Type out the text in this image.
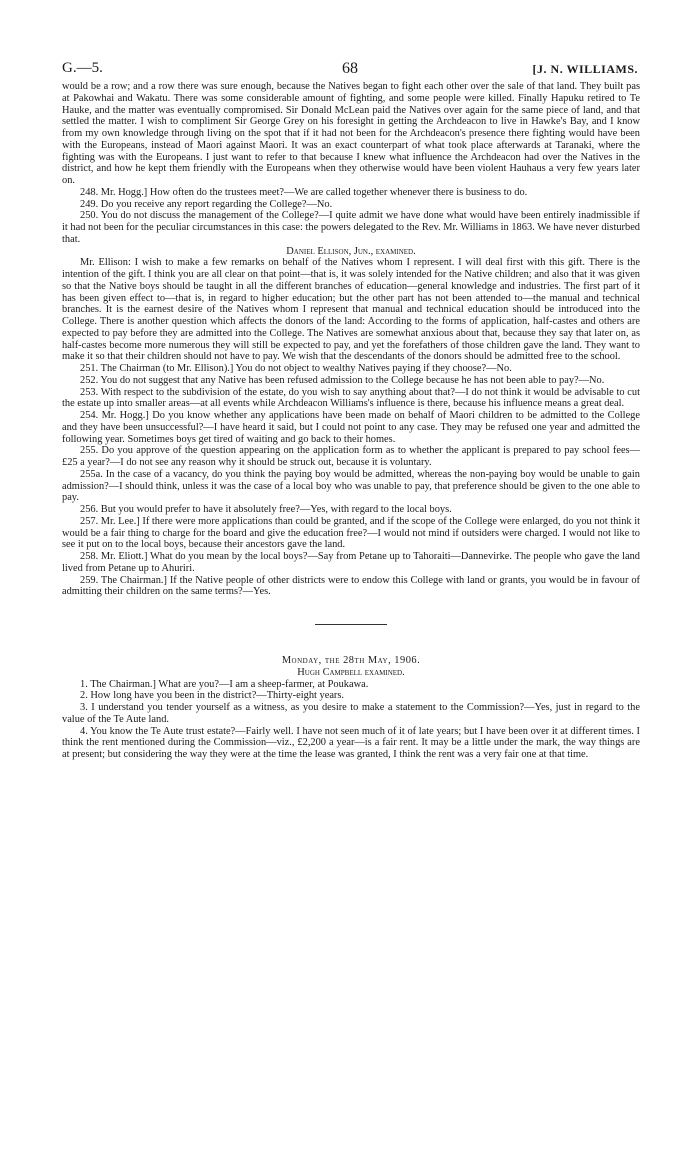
G.—5.	68	[J. N. WILLIAMS.

would be a row; and a row there was sure enough, because the Natives began to fight each other over the sale of that land. They built pas at Pakowhai and Wakatu. There was some considerable amount of fighting, and some people were killed. Finally Hapuku retired to Te Hauke, and the matter was eventually compromised. Sir Donald McLean paid the Natives over again for the same piece of land, and that settled the matter. I wish to compliment Sir George Grey on his foresight in getting the Archdeacon to live in Hawke's Bay, and I know from my own knowledge through living on the spot that if it had not been for the Archdeacon's presence there fighting would have been with the Europeans, instead of Maori against Maori. It was an exact counterpart of what took place afterwards at Taranaki, where the fighting was with the Europeans. I just want to refer to that because I knew what influence the Archdeacon had over the Natives in the district, and how he kept them friendly with the Europeans when they otherwise would have been violent Hauhaus a very few years later on.

248. Mr. Hogg.] How often do the trustees meet?—We are called together whenever there is business to do.

249. Do you receive any report regarding the College?—No.

250. You do not discuss the management of the College?—I quite admit we have done what would have been entirely inadmissible if it had not been for the peculiar circumstances in this case: the powers delegated to the Rev. Mr. Williams in 1863. We have never disturbed that.

Daniel Ellison, Jun., examined.

Mr. Ellison: I wish to make a few remarks on behalf of the Natives whom I represent. I will deal first with this gift. There is the intention of the gift. I think you are all clear on that point—that is, it was solely intended for the Native children; and also that it was given so that the Native boys should be taught in all the different branches of education—general knowledge and industries. The first part of it has been given effect to—that is, in regard to higher education; but the other part has not been attended to—the manual and technical branches. It is the earnest desire of the Natives whom I represent that manual and technical education should be introduced into the College. There is another question which affects the donors of the land: According to the forms of application, half-castes and others are expected to pay before they are admitted into the College. The Natives are somewhat anxious about that, because they say that later on, as half-castes become more numerous they will still be expected to pay, and yet the forefathers of those children gave the land. They want to make it so that their children should not have to pay. We wish that the descendants of the donors should be admitted free to the school.

251. The Chairman (to Mr. Ellison).] You do not object to wealthy Natives paying if they choose?—No.

252. You do not suggest that any Native has been refused admission to the College because he has not been able to pay?—No.

253. With respect to the subdivision of the estate, do you wish to say anything about that?—I do not think it would be advisable to cut the estate up into smaller areas—at all events while Archdeacon Williams's influence is there, because his influence means a great deal.

254. Mr. Hogg.] Do you know whether any applications have been made on behalf of Maori children to be admitted to the College and they have been unsuccessful?—I have heard it said, but I could not point to any case. They may be refused one year and admitted the following year. Sometimes boys get tired of waiting and go back to their homes.

255. Do you approve of the question appearing on the application form as to whether the applicant is prepared to pay school fees—£25 a year?—I do not see any reason why it should be struck out, because it is voluntary.

255a. In the case of a vacancy, do you think the paying boy would be admitted, whereas the non-paying boy would be unable to gain admission?—I should think, unless it was the case of a local boy who was unable to pay, that preference should be given to the one able to pay.

256. But you would prefer to have it absolutely free?—Yes, with regard to the local boys.

257. Mr. Lee.] If there were more applications than could be granted, and if the scope of the College were enlarged, do you not think it would be a fair thing to charge for the board and give the education free?—I would not mind if outsiders were charged. I would not like to see it put on to the local boys, because their ancestors gave the land.

258. Mr. Eliott.] What do you mean by the local boys?—Say from Petane up to Tahoraiti—Dannevirke. The people who gave the land lived from Petane up to Ahuriri.

259. The Chairman.] If the Native people of other districts were to endow this College with land or grants, you would be in favour of admitting their children on the same terms?—Yes.

Monday, the 28th May, 1906.

Hugh Campbell examined.

1. The Chairman.] What are you?—I am a sheep-farmer, at Poukawa.

2. How long have you been in the district?—Thirty-eight years.

3. I understand you tender yourself as a witness, as you desire to make a statement to the Commission?—Yes, just in regard to the value of the Te Aute land.

4. You know the Te Aute trust estate?—Fairly well. I have not seen much of it of late years; but I have been over it at different times. I think the rent mentioned during the Commission—viz., £2,200 a year—is a fair rent. It may be a little under the mark, the way things are at present; but considering the way they were at the time the lease was granted, I think the rent was a very fair one at that time.
